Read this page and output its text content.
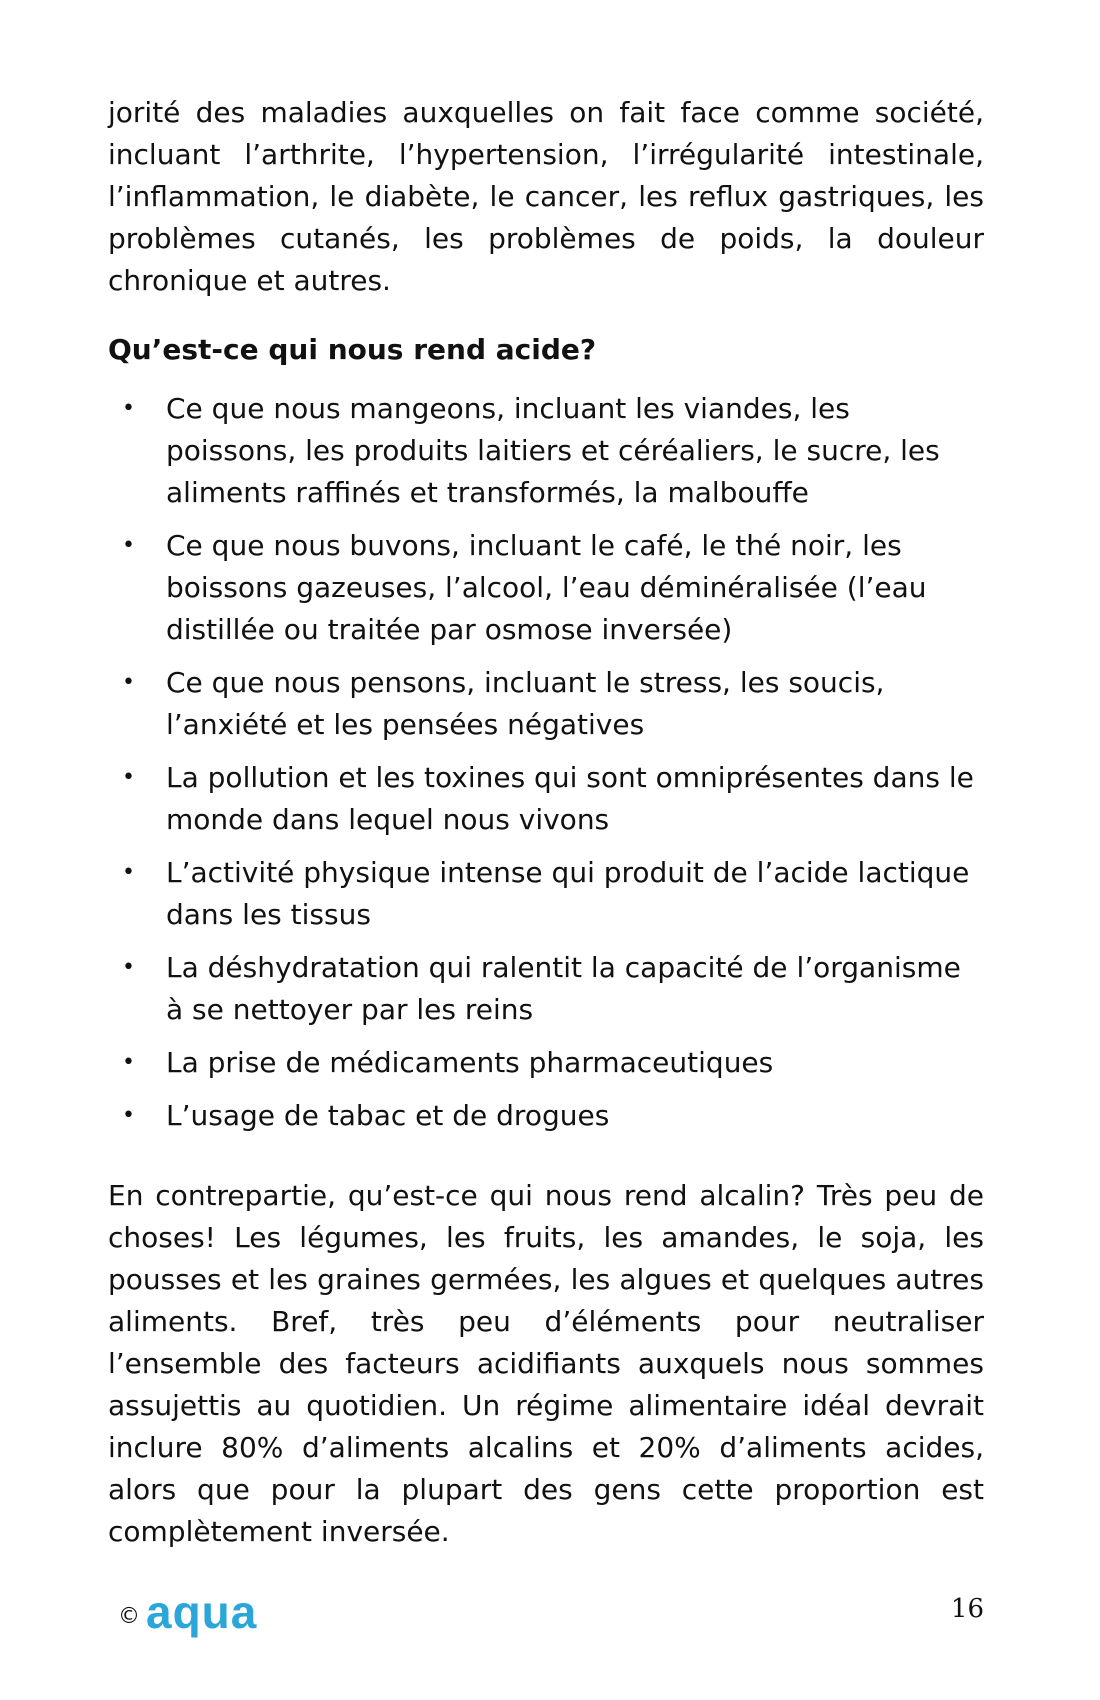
jorité des maladies auxquelles on fait face comme société, incluant l’arthrite, l’hypertension, l’irrégularité intestinale, l’inflammation, le diabète, le cancer, les reflux gastriques, les problèmes cutanés, les problèmes de poids, la douleur chronique et autres.

Qu’est-ce qui nous rend acide?
• Ce que nous mangeons, incluant les viandes, les poissons, les produits laitiers et céréaliers, le sucre, les aliments raffinés et transformés, la malbouffe
• Ce que nous buvons, incluant le café, le thé noir, les boissons gazeuses, l’alcool, l’eau déminéralisée (l’eau distillée ou traitée par osmose inversée)
• Ce que nous pensons, incluant le stress, les soucis, l’anxiété et les pensées négatives
• La pollution et les toxines qui sont omniprésentes dans le monde dans lequel nous vivons
• L’activité physique intense qui produit de l’acide lactique dans les tissus
• La déshydratation qui ralentit la capacité de l’organisme à se nettoyer par les reins
• La prise de médicaments pharmaceutiques
• L’usage de tabac et de drogues

En contrepartie, qu’est-ce qui nous rend alcalin? Très peu de choses! Les légumes, les fruits, les amandes, le soja, les pousses et les graines germées, les algues et quelques autres aliments. Bref, très peu d’éléments pour neutraliser l’ensemble des facteurs acidifiants auxquels nous sommes assujettis au quotidien. Un régime alimentaire idéal devrait inclure 80% d’aliments alcalins et 20% d’aliments acides, alors que pour la plupart des gens cette proportion est complètement inversée.

© aqua	16
